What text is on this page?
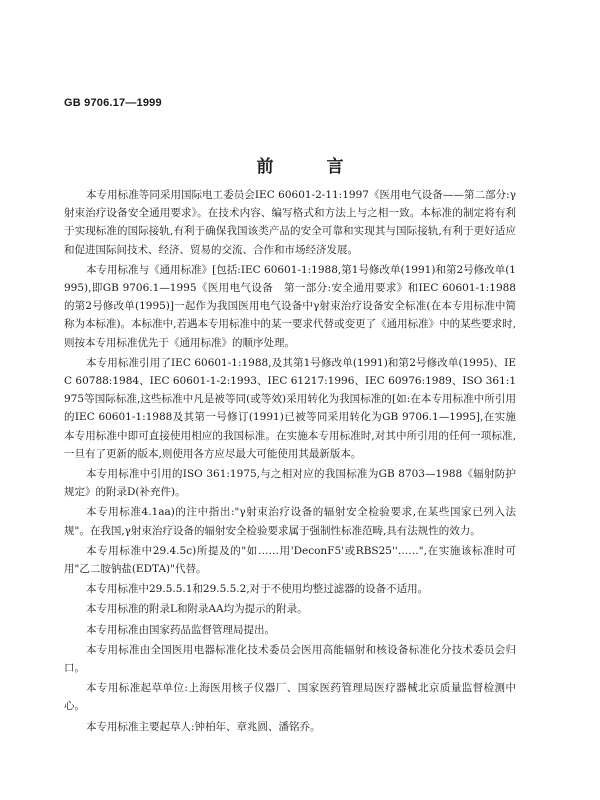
GB 9706.17—1999
前　言

本专用标准等同采用国际电工委员会IEC 60601-2-11:1997《医用电气设备——第二部分:γ射束治疗设备安全通用要求》。在技术内容、编写格式和方法上与之相一致。本标准的制定将有利于实现标准的国际接轨,有利于确保我国该类产品的安全可靠和实现其与国际接轨,有利于更好适应和促进国际间技术、经济、贸易的交流、合作和市场经济发展。

本专用标准与《通用标准》[包括:IEC 60601-1:1988,第1号修改单(1991)和第2号修改单(1995),即GB 9706.1—1995《医用电气设备　第一部分:安全通用要求》和IEC 60601-1:1988的第2号修改单(1995)]一起作为我国医用电气设备中γ射束治疗设备安全标准(在本专用标准中简称为本标准)。本标准中,若遇本专用标准中的某一要求代替或变更了《通用标准》中的某些要求时,则按本专用标准优先于《通用标准》的顺序处理。

本专用标准引用了IEC 60601-1:1988,及其第1号修改单(1991)和第2号修改单(1995)、IEC 60788:1984、IEC 60601-1-2:1993、IEC 61217:1996、IEC 60976:1989、ISO 361:1975等国际标准,这些标准中凡是被等同(或等效)采用转化为我国标准的[如:在本专用标准中所引用的IEC 60601-1:1988及其第一号修订(1991)已被等同采用转化为GB 9706.1—1995],在实施本专用标准中即可直接使用相应的我国标准。在实施本专用标准时,对其中所引用的任何一项标准,一旦有了更新的版本,则使用各方应尽最大可能使用其最新版本。

本专用标准中引用的ISO 361:1975,与之相对应的我国标准为GB 8703—1988《辐射防护规定》的附录D(补充件)。

本专用标准4.1aa)的注中指出:"γ射束治疗设备的辐射安全检验要求,在某些国家已列入法规"。在我国,γ射束治疗设备的辐射安全检验要求属于强制性标准范畴,具有法规性的效力。

本专用标准中29.4.5c)所提及的"如……用'DeconF5'或RBS25''……",在实施该标准时可用"乙二胺钠盐(EDTA)"代替。

本专用标准中29.5.5.1和29.5.5.2,对于不使用均整过滤器的设备不适用。

本专用标准的附录L和附录AA均为提示的附录。

本专用标准由国家药品监督管理局提出。

本专用标准由全国医用电器标准化技术委员会医用高能辐射和核设备标准化分技术委员会归口。

本专用标准起草单位:上海医用核子仪器厂、国家医药管理局医疗器械北京质量监督检测中心。

本专用标准主要起草人:钟柏年、章兆圆、潘铭乔。
